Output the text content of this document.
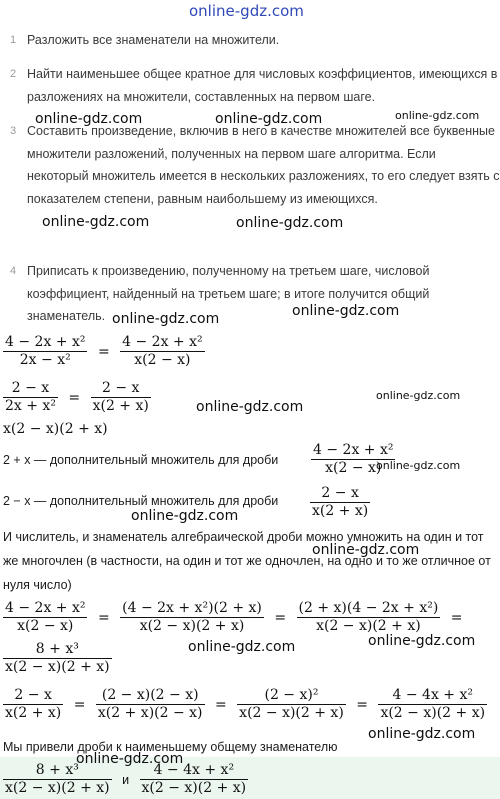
1 Разложить все знаменатели на множители.
2 Найти наименьшее общее кратное для числовых коэффициентов, имеющихся в разложениях на множители, составленных на первом шаге.
3 Составить произведение, включив в него в качестве множителей все буквенные множители разложений, полученных на первом шаге алгоритма. Если некоторый множитель имеется в нескольких разложениях, то его следует взять с показателем степени, равным наибольшему из имеющихся.
4 Приписать к произведению, полученному на третьем шаге, числовой коэффициент, найденный на третьем шаге; в итоге получится общий знаменатель.
$\frac{\text{4 − 2x + x²}}{\text{2x − x²}} = \frac{\text{4 − 2x + x²}}{x(2 - x)}$
$\frac{2 - x}{\text{2x + x²}} = \frac{2 - x}{x(2 + x)}$
x(2 − x)(2 + x)
2 + x — дополнительный множитель для дроби $\frac{\text{4 − 2x + x²}}{x(2 - x)}$
2 − x — дополнительный множитель для дроби $\frac{2 - x}{x(2 + x)}$
И числитель, и знаменатель алгебраической дроби можно умножить на один и тот же многочлен (в частности, на один и тот же одночлен, на одно и то же отличное от нуля число)
$\frac{\text{4 − 2x + x²}}{x(2 - x)} = \frac{\text{(4 − 2x + x²)(2 + x)}}{x(2 - x)(2 + x)} = \frac{\text{(2 + x)(4 − 2x + x²)}}{x(2 - x)(2 + x)}$ =
$\frac{\text{8 + x³}}{x(2 - x)(2 + x)}$
$\frac{2 - x}{x(2 + x)} = \frac{(2 - x)(2 - x)}{x(2 + x)(2 - x)} = \frac{\text{(2 − x)²}}{x(2 - x)(2 + x)} = \frac{\text{4 − 4x + x²}}{x(2 - x)(2 + x)}$
Мы привели дроби к наименьшему общему знаменателю
$\frac{\text{8 + x³}}{x(2 - x)(2 + x)}$ и $\frac{\text{4 − 4x + x²}}{x(2 - x)(2 + x)}$
online-gdz.com
online-gdz.com	online-gdz.com	online-gdz.com
online-gdz.com	online-gdz.com
online-gdz.com	online-gdz.com
online-gdz.com
online-gdz.com
online-gdz.com
online-gdz.com
online-gdz.com
online-gdz.com	online-gdz.com
online-gdz.com
online-gdz.com
